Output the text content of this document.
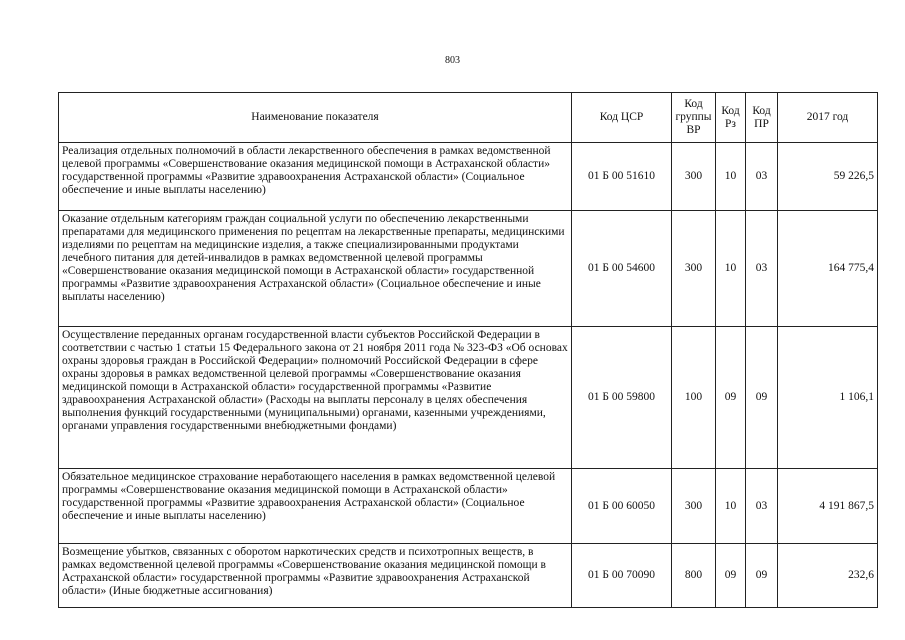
803
Наименование показателя	Код ЦСР	Код группы ВР	Код Рз	Код ПР	2017 год
Реализация отдельных полномочий в области лекарственного обеспечения в рамках ведомственной целевой программы «Совершенствование оказания медицинской помощи в Астраханской области» государственной программы «Развитие здравоохранения Астраханской области» (Социальное обеспечение и иные выплаты населению)	01 Б 00 51610	300	10	03	59 226,5
Оказание отдельным категориям граждан социальной услуги по обеспечению лекарственными препаратами для медицинского применения по рецептам на лекарственные препараты, медицинскими изделиями по рецептам на медицинские изделия, а также специализированными продуктами лечебного питания для детей-инвалидов в рамках ведомственной целевой программы «Совершенствование оказания медицинской помощи в Астраханской области» государственной программы «Развитие здравоохранения Астраханской области» (Социальное обеспечение и иные выплаты населению)	01 Б 00 54600	300	10	03	164 775,4
Осуществление переданных органам государственной власти субъектов Российской Федерации в соответствии с частью 1 статьи 15 Федерального закона от 21 ноября 2011 года № 323-ФЗ «Об основах охраны здоровья граждан в Российской Федерации» полномочий Российской Федерации в сфере охраны здоровья в рамках ведомственной целевой программы «Совершенствование оказания медицинской помощи в Астраханской области» государственной программы «Развитие здравоохранения Астраханской области» (Расходы на выплаты персоналу в целях обеспечения выполнения функций государственными (муниципальными) органами, казенными учреждениями, органами управления государственными внебюджетными фондами)	01 Б 00 59800	100	09	09	1 106,1
Обязательное медицинское страхование неработающего населения в рамках ведомственной целевой программы «Совершенствование оказания медицинской помощи в Астраханской области» государственной программы «Развитие здравоохранения Астраханской области» (Социальное обеспечение и иные выплаты населению)	01 Б 00 60050	300	10	03	4 191 867,5
Возмещение убытков, связанных с оборотом наркотических средств и психотропных веществ, в рамках ведомственной целевой программы «Совершенствование оказания медицинской помощи в Астраханской области» государственной программы «Развитие здравоохранения Астраханской области» (Иные бюджетные ассигнования)	01 Б 00 70090	800	09	09	232,6
